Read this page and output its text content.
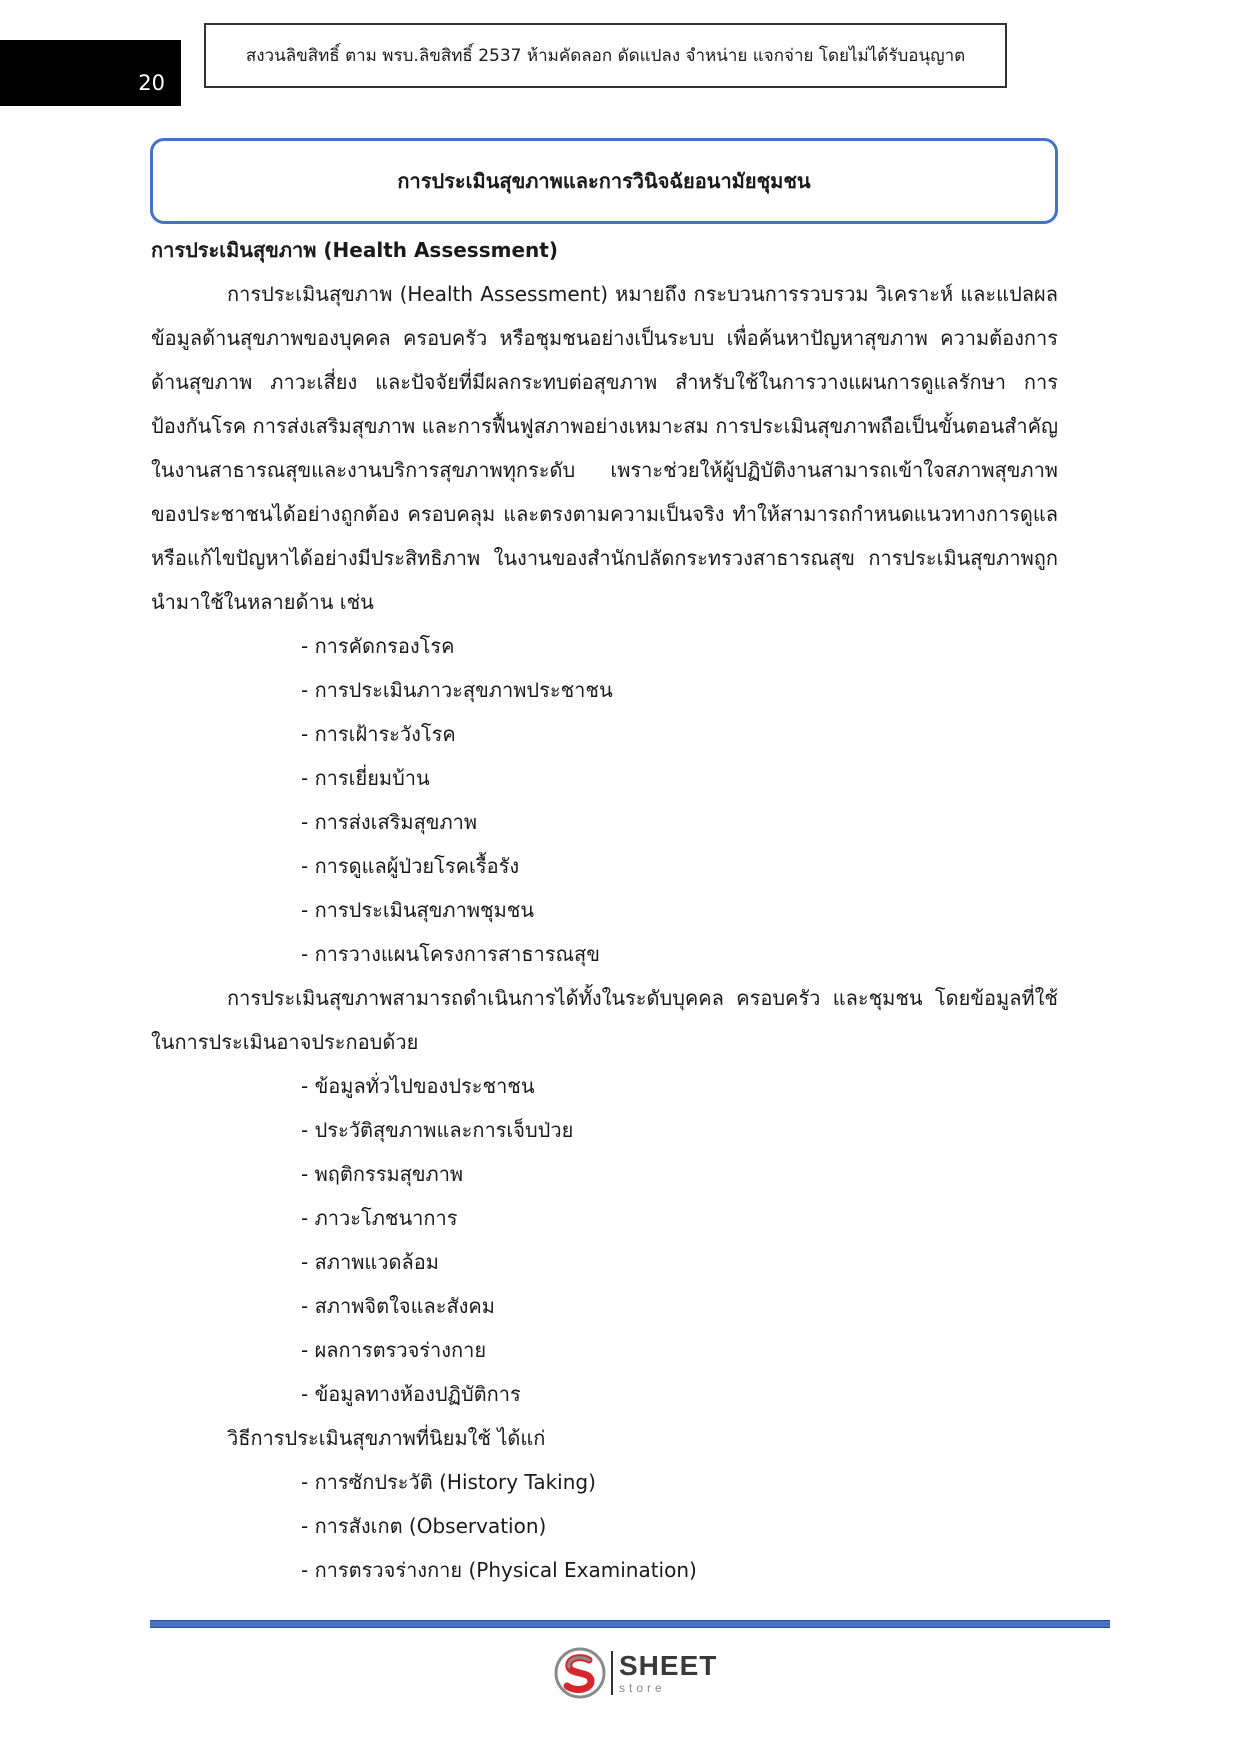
20
สงวนลิขสิทธิ์ ตาม พรบ.ลิขสิทธิ์ 2537 ห้ามคัดลอก ดัดแปลง จำหน่าย แจกจ่าย โดยไม่ได้รับอนุญาต
การประเมินสุขภาพและการวินิจฉัยอนามัยชุมชน
การประเมินสุขภาพ (Health Assessment)

การประเมินสุขภาพ (Health Assessment) หมายถึง กระบวนการรวบรวม วิเคราะห์ และแปลผลข้อมูลด้านสุขภาพของบุคคล ครอบครัว หรือชุมชนอย่างเป็นระบบ เพื่อค้นหาปัญหาสุขภาพ ความต้องการด้านสุขภาพ ภาวะเสี่ยง และปัจจัยที่มีผลกระทบต่อสุขภาพ สำหรับใช้ในการวางแผนการดูแลรักษา การป้องกันโรค การส่งเสริมสุขภาพ และการฟื้นฟูสภาพอย่างเหมาะสม การประเมินสุขภาพถือเป็นขั้นตอนสำคัญในงานสาธารณสุขและงานบริการสุขภาพทุกระดับ เพราะช่วยให้ผู้ปฏิบัติงานสามารถเข้าใจสภาพสุขภาพของประชาชนได้อย่างถูกต้อง ครอบคลุม และตรงตามความเป็นจริง ทำให้สามารถกำหนดแนวทางการดูแลหรือแก้ไขปัญหาได้อย่างมีประสิทธิภาพ ในงานของสำนักปลัดกระทรวงสาธารณสุข การประเมินสุขภาพถูกนำมาใช้ในหลายด้าน เช่น

- การคัดกรองโรค
- การประเมินภาวะสุขภาพประชาชน
- การเฝ้าระวังโรค
- การเยี่ยมบ้าน
- การส่งเสริมสุขภาพ
- การดูแลผู้ป่วยโรคเรื้อรัง
- การประเมินสุขภาพชุมชน
- การวางแผนโครงการสาธารณสุข

การประเมินสุขภาพสามารถดำเนินการได้ทั้งในระดับบุคคล ครอบครัว และชุมชน โดยข้อมูลที่ใช้ในการประเมินอาจประกอบด้วย

- ข้อมูลทั่วไปของประชาชน
- ประวัติสุขภาพและการเจ็บป่วย
- พฤติกรรมสุขภาพ
- ภาวะโภชนาการ
- สภาพแวดล้อม
- สภาพจิตใจและสังคม
- ผลการตรวจร่างกาย
- ข้อมูลทางห้องปฏิบัติการ
วิธีการประเมินสุขภาพที่นิยมใช้ ได้แก่
- การซักประวัติ (History Taking)
- การสังเกต (Observation)
- การตรวจร่างกาย (Physical Examination)
SHEET
store
